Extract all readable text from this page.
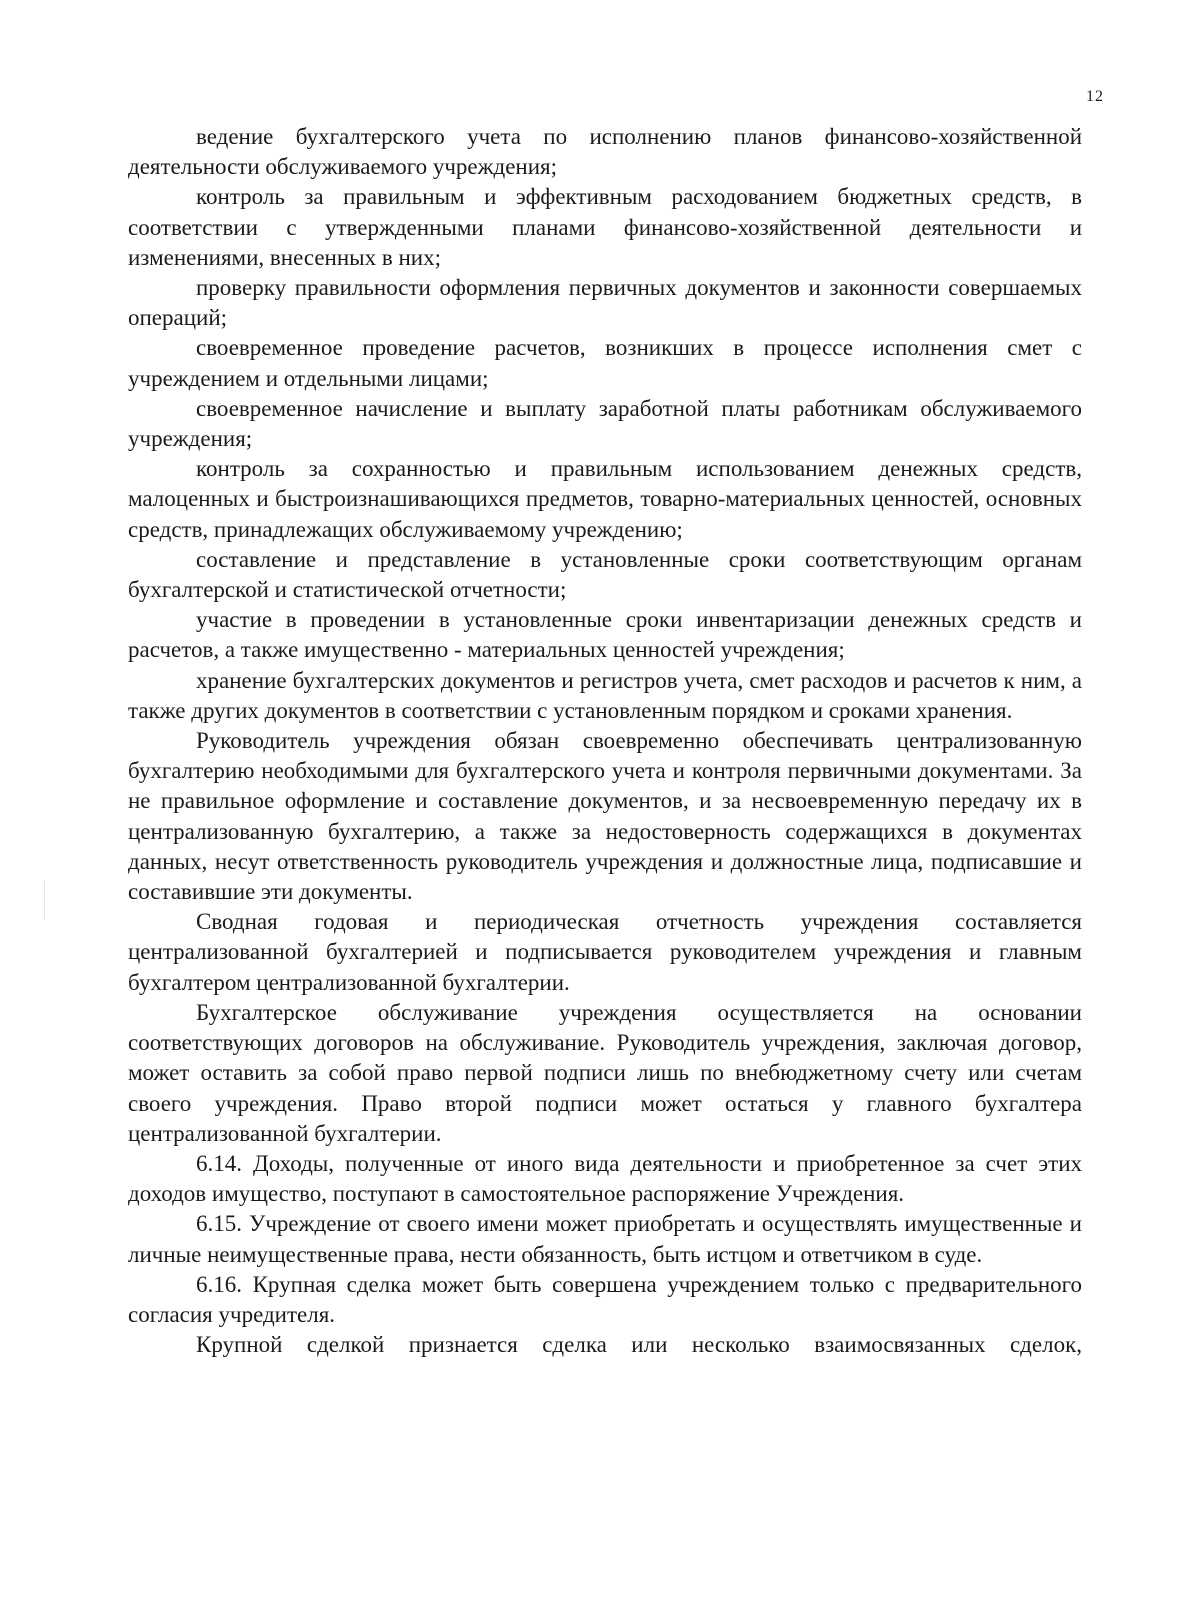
12

ведение бухгалтерского учета по исполнению планов финансово-хозяйственной деятельности обслуживаемого учреждения;

контроль за правильным и эффективным расходованием бюджетных средств, в соответствии с утвержденными планами финансово-хозяйственной деятельности и изменениями, внесенных в них;

проверку правильности оформления первичных документов и законности совершаемых операций;

своевременное проведение расчетов, возникших в процессе исполнения смет с учреждением и отдельными лицами;

своевременное начисление и выплату заработной платы работникам обслуживаемого учреждения;

контроль за сохранностью и правильным использованием денежных средств, малоценных и быстроизнашивающихся предметов, товарно-материальных ценностей, основных средств, принадлежащих обслуживаемому учреждению;

составление и представление в установленные сроки соответствующим органам бухгалтерской и статистической отчетности;

участие в проведении в установленные сроки инвентаризации денежных средств и расчетов, а также имущественно - материальных ценностей учреждения;

хранение бухгалтерских документов и регистров учета, смет расходов и расчетов к ним, а также других документов в соответствии с установленным порядком и сроками хранения.

Руководитель учреждения обязан своевременно обеспечивать централизованную бухгалтерию необходимыми для бухгалтерского учета и контроля первичными документами. За не правильное оформление и составление документов, и за несвоевременную передачу их в централизованную бухгалтерию, а также за недостоверность содержащихся в документах данных, несут ответственность руководитель учреждения и должностные лица, подписавшие и составившие эти документы.

Сводная годовая и периодическая отчетность учреждения составляется централизованной бухгалтерией и подписывается руководителем учреждения и главным бухгалтером централизованной бухгалтерии.

Бухгалтерское обслуживание учреждения осуществляется на основании соответствующих договоров на обслуживание. Руководитель учреждения, заключая договор, может оставить за собой право первой подписи лишь по внебюджетному счету или счетам своего учреждения. Право второй подписи может остаться у главного бухгалтера централизованной бухгалтерии.

6.14. Доходы, полученные от иного вида деятельности и приобретенное за счет этих доходов имущество, поступают в самостоятельное распоряжение Учреждения.

6.15. Учреждение от своего имени может приобретать и осуществлять имущественные и личные неимущественные права, нести обязанность, быть истцом и ответчиком в суде.

6.16. Крупная сделка может быть совершена учреждением только с предварительного согласия учредителя.

Крупной сделкой признается сделка или несколько взаимосвязанных сделок,
